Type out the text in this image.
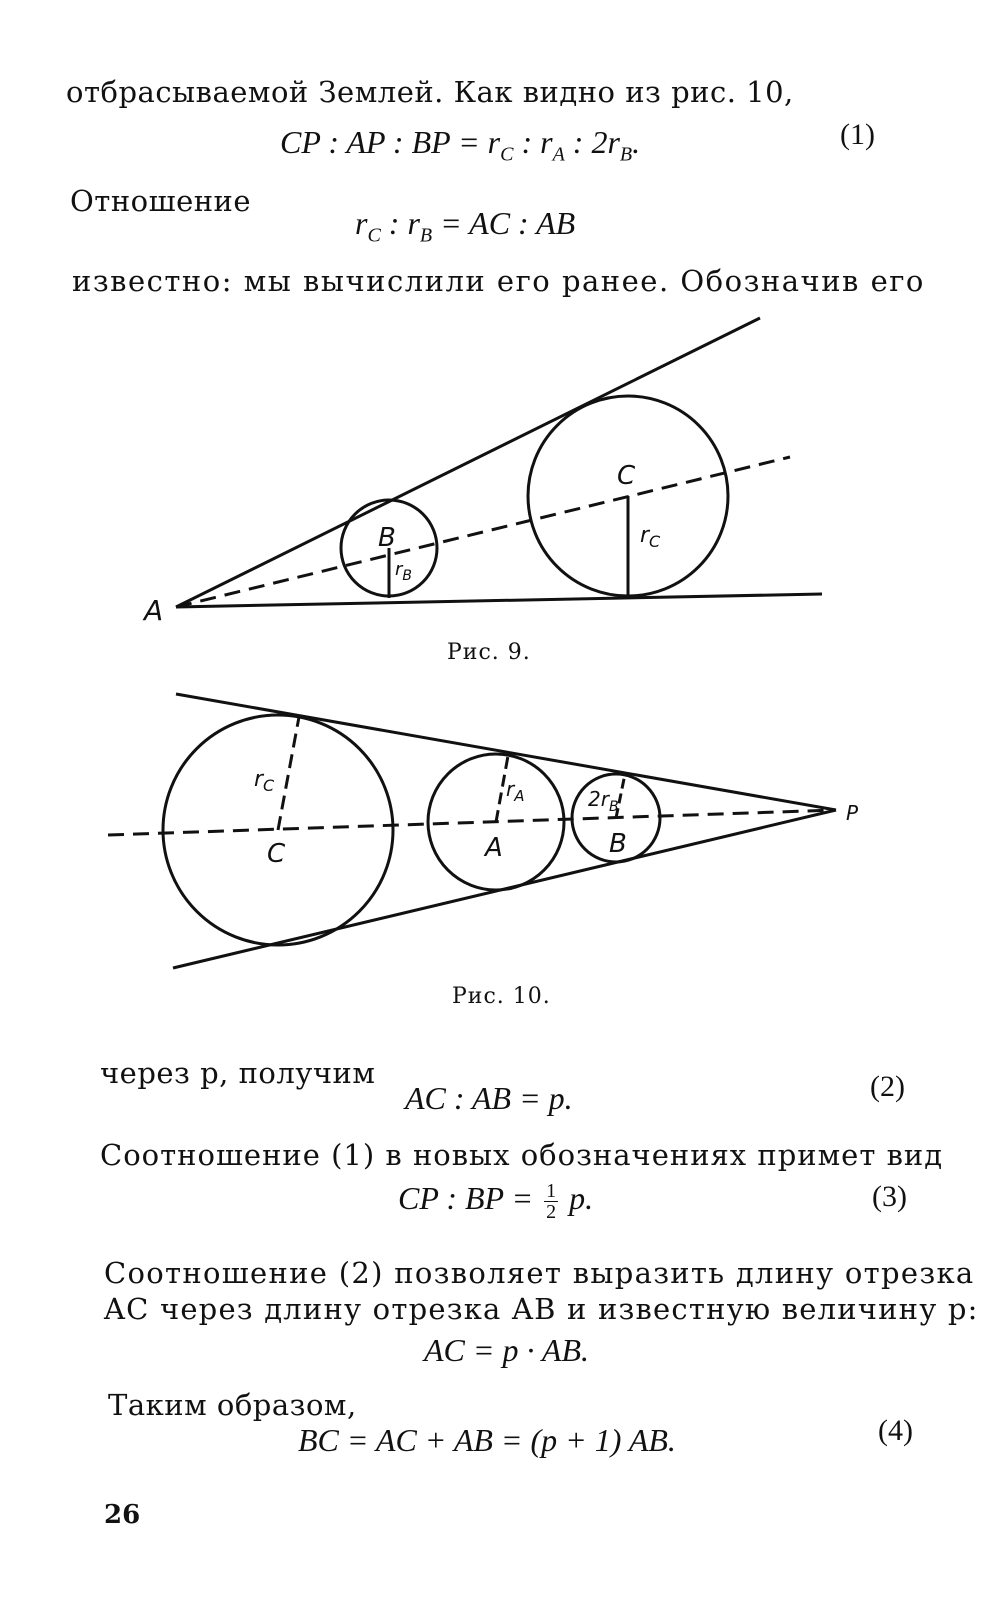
отбрасываемой Землей. Как видно из рис. 10,
CP : AP : BP = $r_C$ : $r_A$ : $2r_B$.	(1)
Отношение
$r_C$ : $r_B$ = AC : AB
известно: мы вычислили его ранее. Обозначив его
A
B
C
$r_B$
$r_C$
Рис. 9.
P
C	A	B
$r_C$	$r_A$	$2r_B$
Рис. 10.
через p, получим
AC : AB = p.	(2)
Соотношение (1) в новых обозначениях примет вид
CP : BP = $\frac{1}{2} p$.	(3)
Соотношение (2) позволяет выразить длину отрезка
AC через длину отрезка AB и известную величину p:
AC = p · AB.
Таким образом,
BC = AC + AB = (p + 1) AB.	(4)
26
